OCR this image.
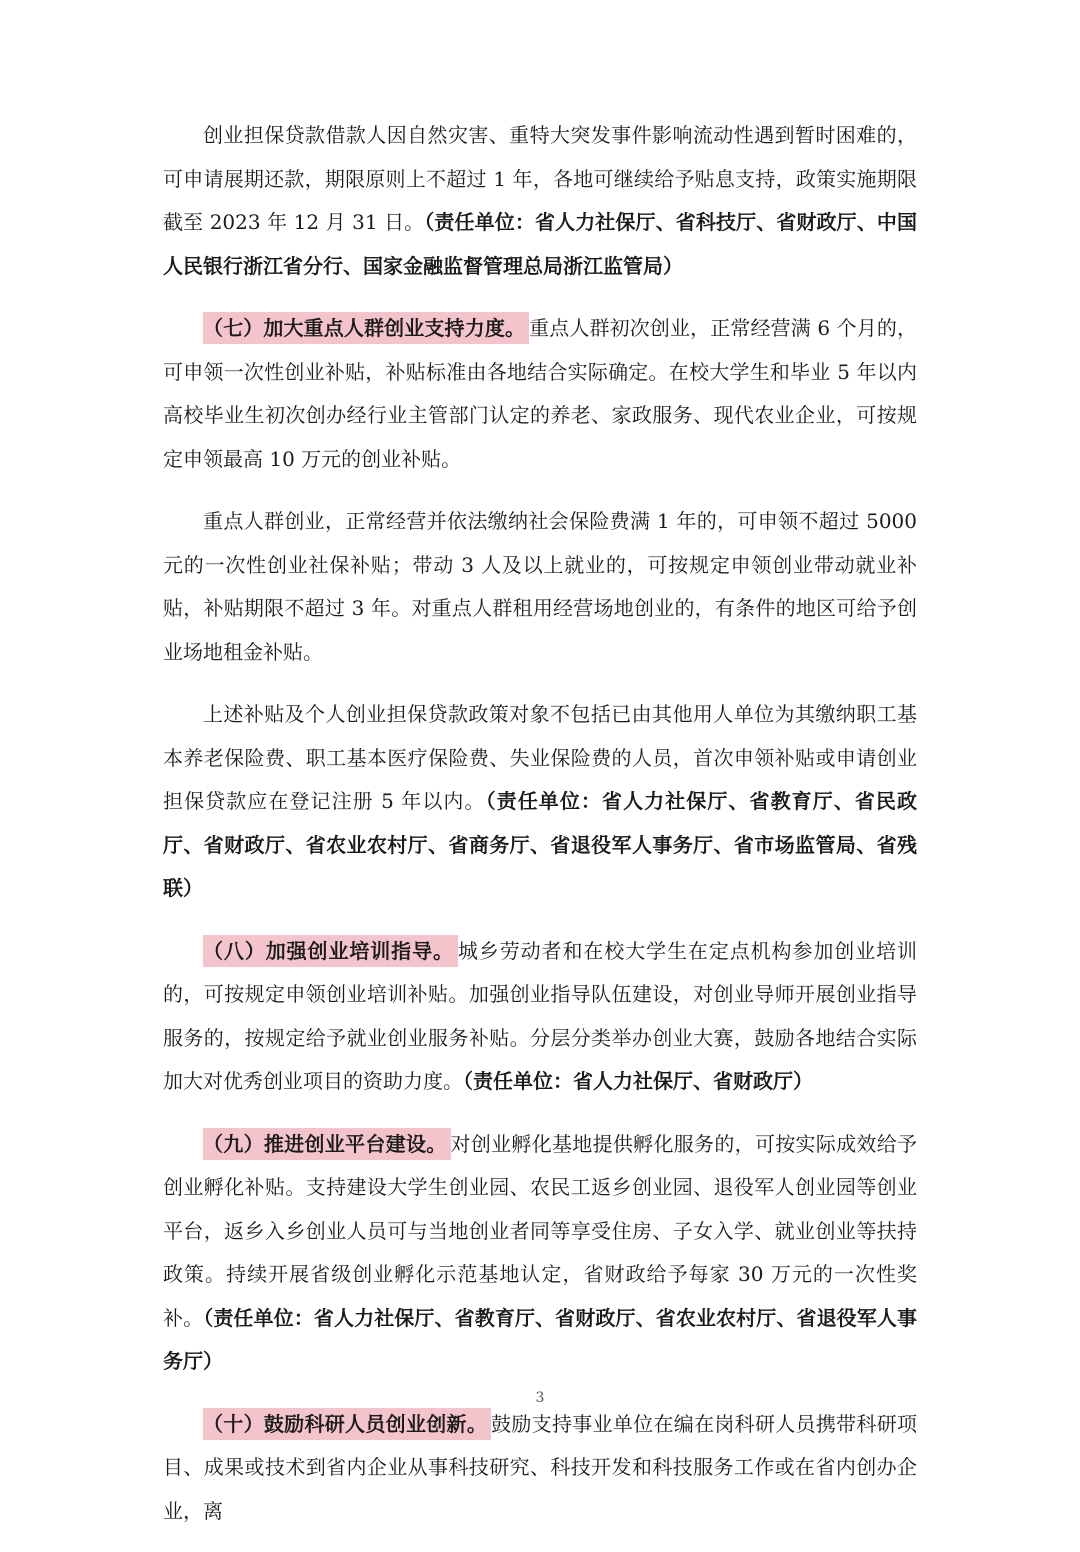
创业担保贷款借款人因自然灾害、重特大突发事件影响流动性遇到暂时困难的，可申请展期还款，期限原则上不超过 1 年，各地可继续给予贴息支持，政策实施期限截至 2023 年 12 月 31 日。（责任单位：省人力社保厅、省科技厅、省财政厅、中国人民银行浙江省分行、国家金融监督管理总局浙江监管局）

（七）加大重点人群创业支持力度。 重点人群初次创业，正常经营满 6 个月的，可申领一次性创业补贴，补贴标准由各地结合实际确定。在校大学生和毕业 5 年以内高校毕业生初次创办经行业主管部门认定的养老、家政服务、现代农业企业，可按规定申领最高 10 万元的创业补贴。

重点人群创业，正常经营并依法缴纳社会保险费满 1 年的，可申领不超过 5000 元的一次性创业社保补贴；带动 3 人及以上就业的，可按规定申领创业带动就业补贴，补贴期限不超过 3 年。对重点人群租用经营场地创业的，有条件的地区可给予创业场地租金补贴。

上述补贴及个人创业担保贷款政策对象不包括已由其他用人单位为其缴纳职工基本养老保险费、职工基本医疗保险费、失业保险费的人员，首次申领补贴或申请创业担保贷款应在登记注册 5 年以内。（责任单位：省人力社保厅、省教育厅、省民政厅、省财政厅、省农业农村厅、省商务厅、省退役军人事务厅、省市场监管局、省残联）

（八）加强创业培训指导。 城乡劳动者和在校大学生在定点机构参加创业培训的，可按规定申领创业培训补贴。加强创业指导队伍建设，对创业导师开展创业指导服务的，按规定给予就业创业服务补贴。分层分类举办创业大赛，鼓励各地结合实际加大对优秀创业项目的资助力度。（责任单位：省人力社保厅、省财政厅）

（九）推进创业平台建设。 对创业孵化基地提供孵化服务的，可按实际成效给予创业孵化补贴。支持建设大学生创业园、农民工返乡创业园、退役军人创业园等创业平台，返乡入乡创业人员可与当地创业者同等享受住房、子女入学、就业创业等扶持政策。持续开展省级创业孵化示范基地认定，省财政给予每家 30 万元的一次性奖补。（责任单位：省人力社保厅、省教育厅、省财政厅、省农业农村厅、省退役军人事务厅）

（十）鼓励科研人员创业创新。 鼓励支持事业单位在编在岗科研人员携带科研项目、成果或技术到省内企业从事科技研究、科技开发和科技服务工作或在省内创办企业，离

3
